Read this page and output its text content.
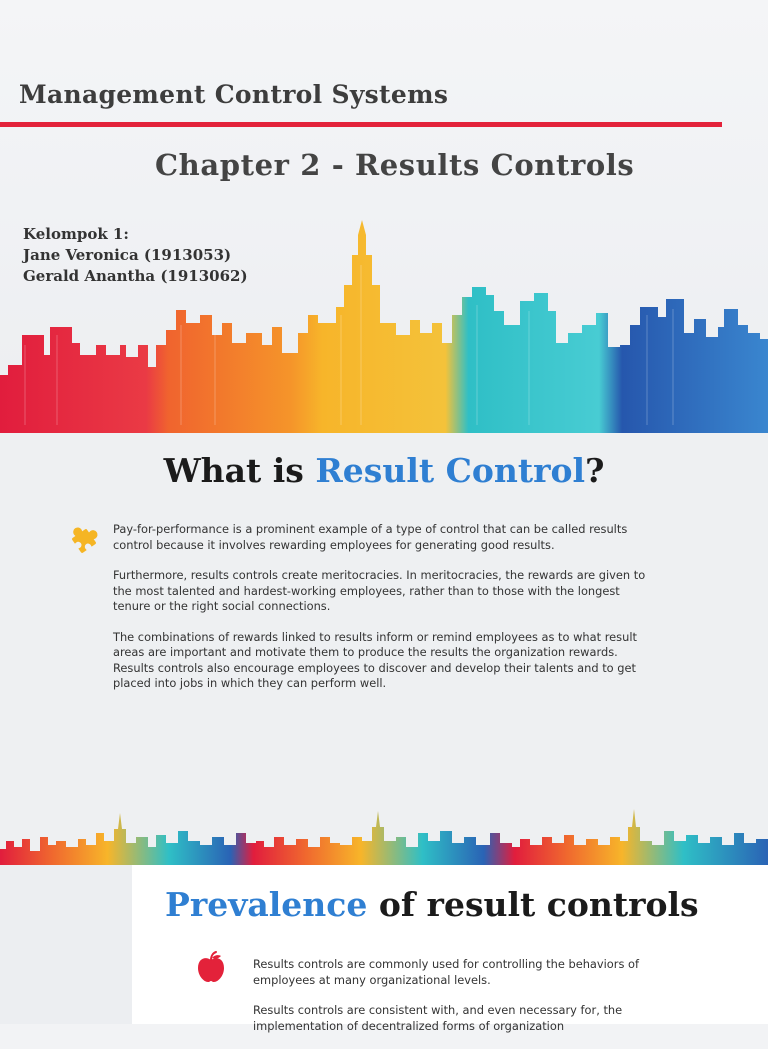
Management Control Systems
Chapter 2 - Results Controls
Kelompok 1:
Jane Veronica (1913053)
Gerald Anantha (1913062)
What is Result Control?

Pay-for-performance is a prominent example of a type of control that can be called results control because it involves rewarding employees for generating good results.

Furthermore, results controls create meritocracies. In meritocracies, the rewards are given to the most talented and hardest-working employees, rather than to those with the longest tenure or the right social connections.

The combinations of rewards linked to results inform or remind employees as to what result areas are important and motivate them to produce the results the organization rewards. Results controls also encourage employees to discover and develop their talents and to get placed into jobs in which they can perform well.

Prevalence of result controls

Results controls are commonly used for controlling the behaviors of employees at many organizational levels.

Results controls are consistent with, and even necessary for, the implementation of decentralized forms of organization
